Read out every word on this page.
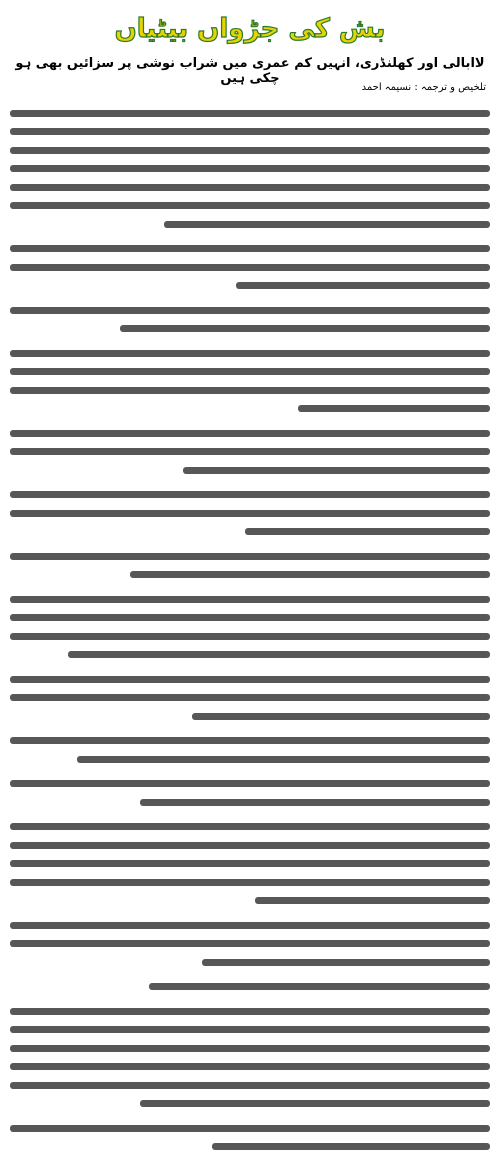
بش کی جڑواں بیٹیاں
لاابالی اور کھلنڈری، انہیں کم عمری میں شراب نوشی پر سزائیں بھی ہو چکی ہیں
تلخیص و ترجمہ : نسیمہ احمد
